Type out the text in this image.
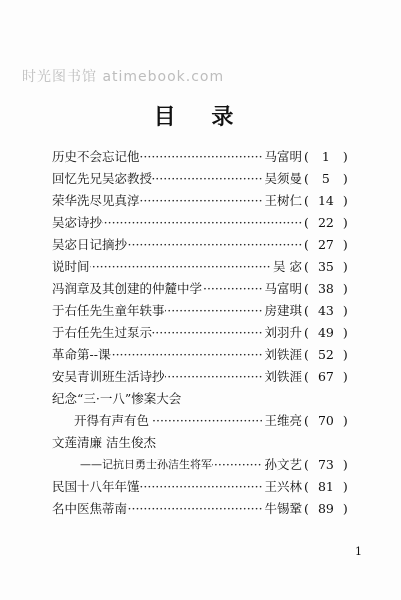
时光图书馆 atimebook.com
目 录
·····
历史不会忘记他	马富明 ( 1 )
·····
回忆先兄吴宓教授	吴须曼 ( 5 )
·····
荣华洗尽见真淳	王树仁 ( 14 )
·····
吴宓诗抄	( 22 )
·····
吴宓日记摘抄	( 27 )
·····
说时间	吴 宓 ( 35 )
·····
冯润章及其创建的仲麓中学	马富明 ( 38 )
·····
于右任先生童年轶事	房建琪 ( 43 )
·····
于右任先生过泵示	刘羽升 ( 49 )
·····
革命第--课	刘铁涯 ( 52 )
·····
安吴青训班生活诗抄	刘铁涯 ( 67 )
纪念“三·一八”惨案大会
·····
开得有声有色	王维亮 ( 70 )
文莲清廉 洁生俊杰
·····
——记抗日勇士孙洁生将军	孙文艺 ( 73 )
·····
民国十八年年馑	王兴林 ( 81 )
·····
名中医焦蒂南	牛锡鞏 ( 89 )
1
